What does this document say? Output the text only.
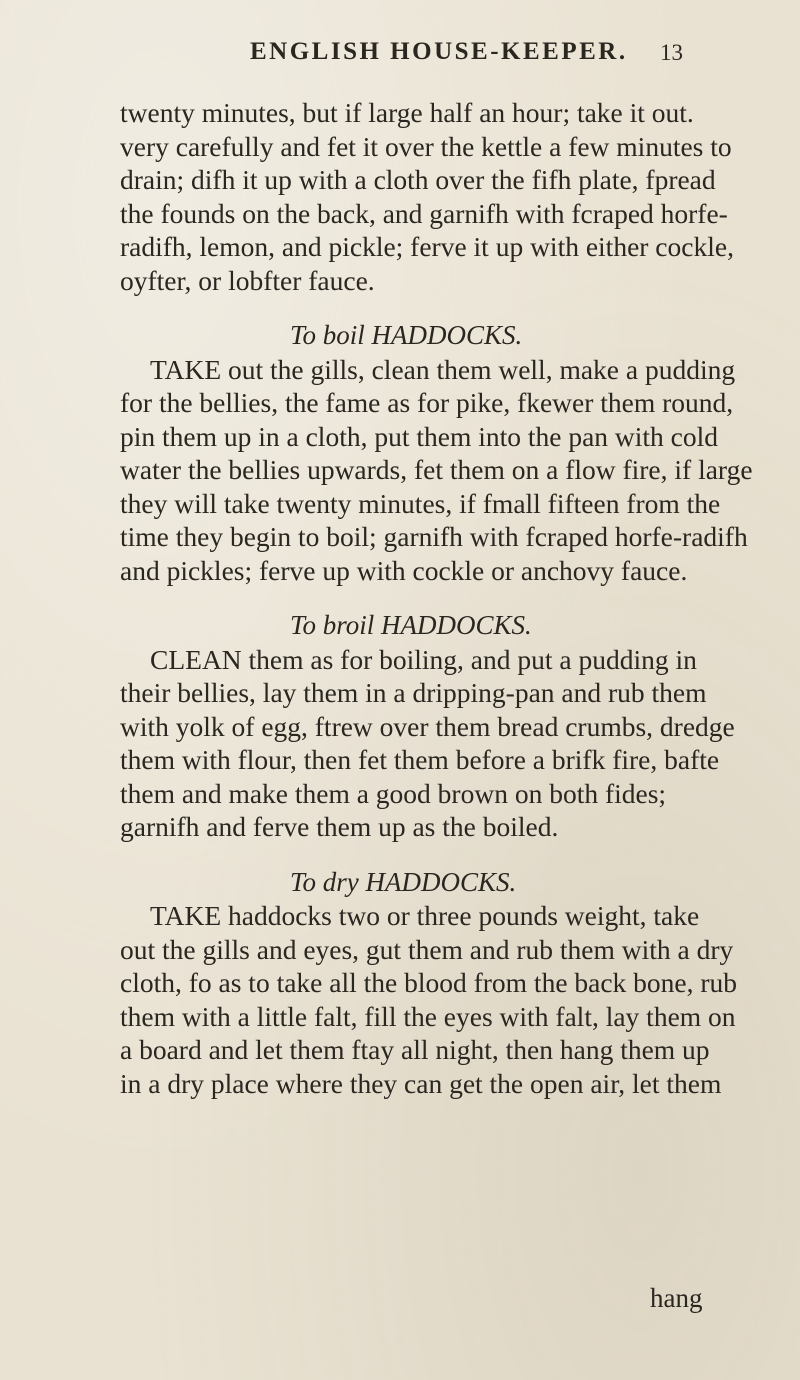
ENGLISH HOUSE-KEEPER. 13
twenty minutes, but if large half an hour; take it out.
very carefully and fet it over the kettle a few minutes to
drain; difh it up with a cloth over the fifh plate, fpread
the founds on the back, and garnifh with fcraped horfe-
radifh, lemon, and pickle; ferve it up with either cockle,
oyfter, or lobfter fauce.
To boil HADDOCKS.
TAKE out the gills, clean them well, make a pudding
for the bellies, the fame as for pike, fkewer them round,
pin them up in a cloth, put them into the pan with cold
water the bellies upwards, fet them on a flow fire, if large
they will take twenty minutes, if fmall fifteen from the
time they begin to boil; garnifh with fcraped horfe-radifh
and pickles; ferve up with cockle or anchovy fauce.
To broil HADDOCKS.
CLEAN them as for boiling, and put a pudding in
their bellies, lay them in a dripping-pan and rub them
with yolk of egg, ftrew over them bread crumbs, dredge
them with flour, then fet them before a brifk fire, bafte
them and make them a good brown on both fides;
garnifh and ferve them up as the boiled.
To dry HADDOCKS.
TAKE haddocks two or three pounds weight, take
out the gills and eyes, gut them and rub them with a dry
cloth, fo as to take all the blood from the back bone, rub
them with a little falt, fill the eyes with falt, lay them on
a board and let them ftay all night, then hang them up
in a dry place where they can get the open air, let them
hang
